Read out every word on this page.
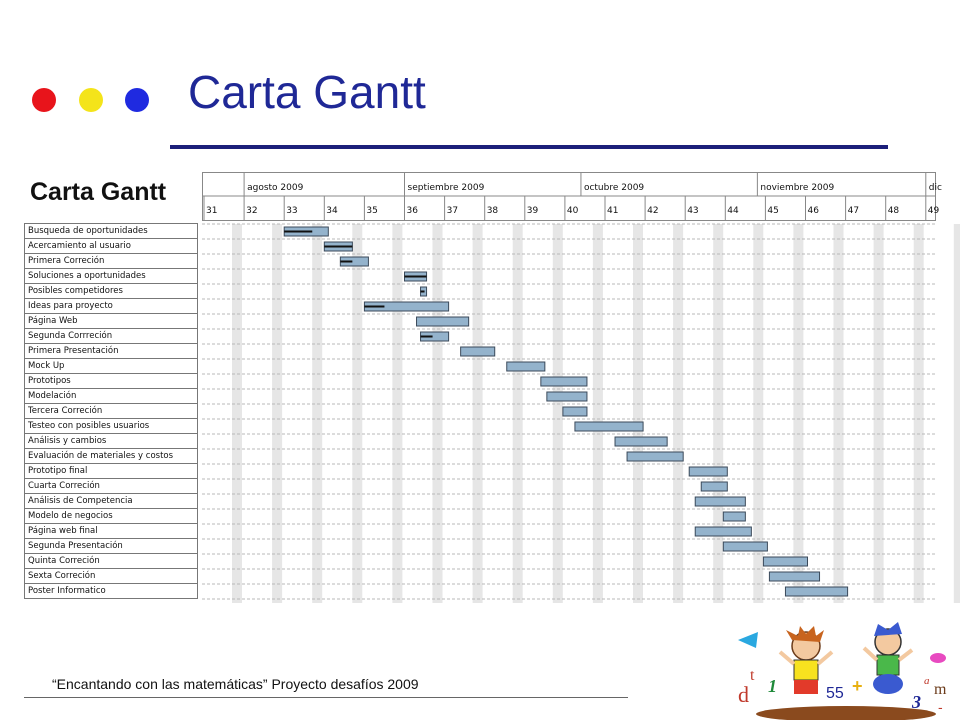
Carta Gantt
Carta Gantt
Busqueda de oportunidades
Acercamiento al usuario
Primera Correción
Soluciones a oportunidades
Posibles competidores
Ideas para proyecto
Página Web
Segunda Corrreción
Primera Presentación
Mock Up
Prototipos
Modelación
Tercera Correción
Testeo con posibles usuarios
Análisis y cambios
Evaluación de materiales y costos
Prototipo final
Cuarta Correción
Análisis de Competencia
Modelo de negocios
Página web final
Segunda Presentación
Quinta Correción
Sexta Correción
Poster Informatico
agosto 2009	septiembre 2009	octubre 2009	noviembre 2009	dic
31	32	33	34	35	36	37	38	39	40	41	42	43	44	45	46	47	48	49
“Encantando con las matemáticas” Proyecto desafíos 2009	d
t
1	55 +
3
a m
-
